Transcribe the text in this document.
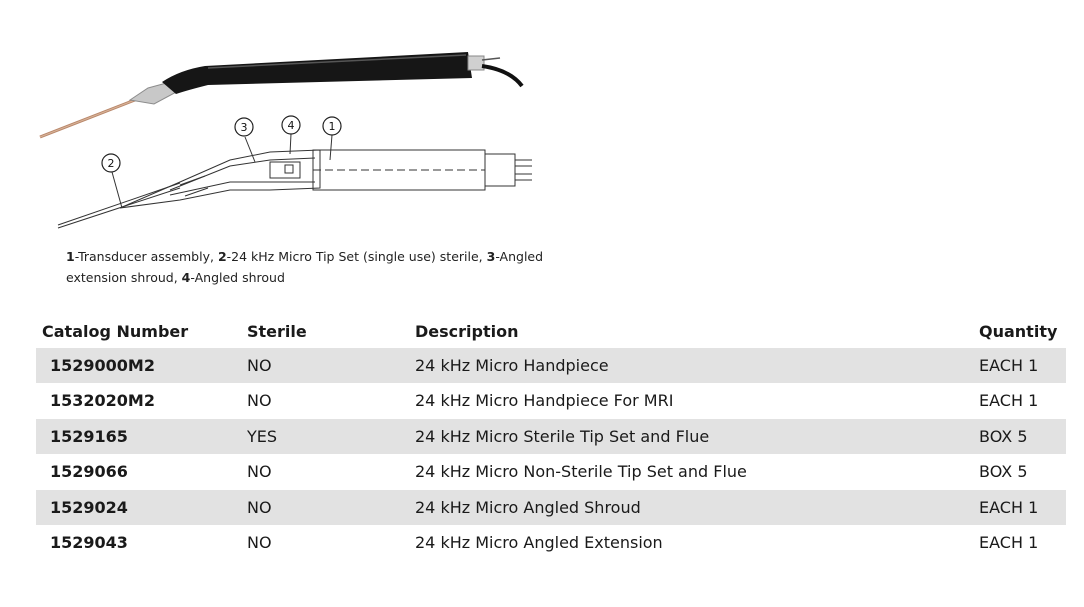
2
3	4	1
1-Transducer assembly, 2-24 kHz Micro Tip Set (single use) sterile, 3-Angled extension shroud, 4-Angled shroud
Catalog Number	Sterile	Description	Quantity
1529000M2	NO	24 kHz Micro Handpiece	EACH 1
1532020M2	NO	24 kHz Micro Handpiece For MRI	EACH 1
1529165	YES	24 kHz Micro Sterile Tip Set and Flue	BOX 5
1529066	NO	24 kHz Micro Non-Sterile Tip Set and Flue	BOX 5
1529024	NO	24 kHz Micro Angled Shroud	EACH 1
1529043	NO	24 kHz Micro Angled Extension	EACH 1
